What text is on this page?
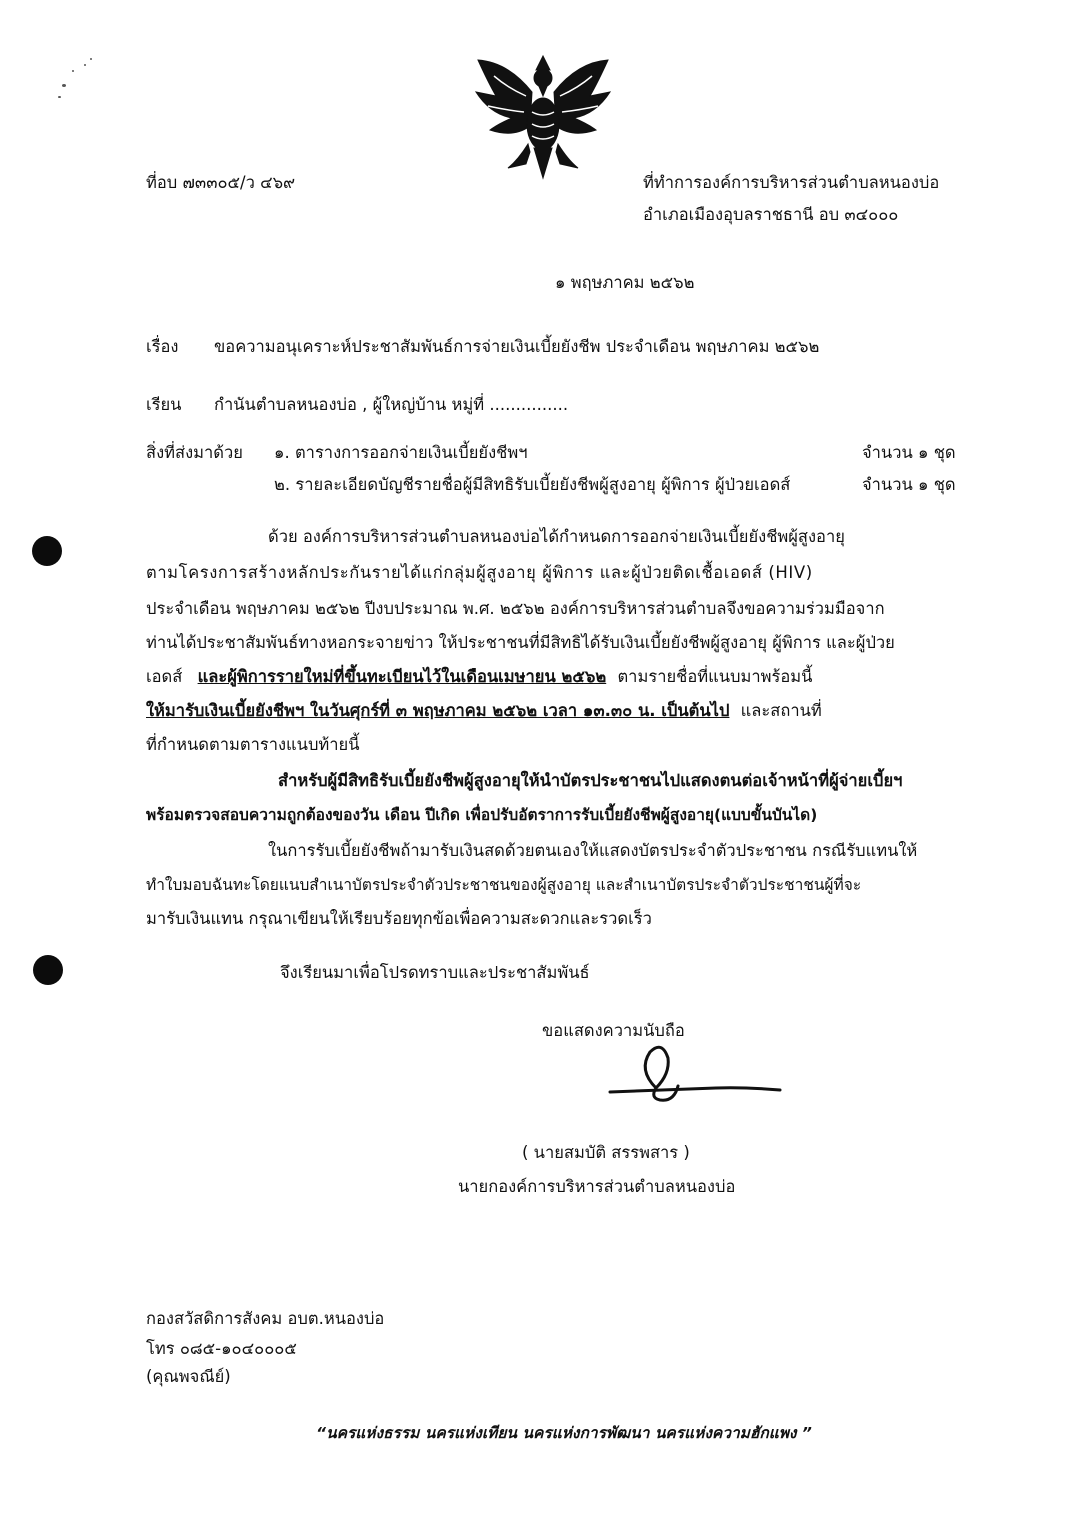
ที่อบ ๗๓๓๐๕/ว ๔๖๙	ที่ทำการองค์การบริหารส่วนตำบลหนองบ่อ
อำเภอเมืองอุบลราชธานี อบ ๓๔๐๐๐
๑ พฤษภาคม ๒๕๖๒
เรื่อง ขอความอนุเคราะห์ประชาสัมพันธ์การจ่ายเงินเบี้ยยังชีพ ประจำเดือน พฤษภาคม ๒๕๖๒
เรียน กำนันตำบลหนองบ่อ , ผู้ใหญ่บ้าน หมู่ที่ ...............
สิ่งที่ส่งมาด้วย ๑. ตารางการออกจ่ายเงินเบี้ยยังชีพฯ	จำนวน ๑ ชุด
๒. รายละเอียดบัญชีรายชื่อผู้มีสิทธิรับเบี้ยยังชีพผู้สูงอายุ ผู้พิการ ผู้ป่วยเอดส์	จำนวน ๑ ชุด
ด้วย องค์การบริหารส่วนตำบลหนองบ่อได้กำหนดการออกจ่ายเงินเบี้ยยังชีพผู้สูงอายุ
ตามโครงการสร้างหลักประกันรายได้แก่กลุ่มผู้สูงอายุ ผู้พิการ และผู้ป่วยติดเชื้อเอดส์ (HIV)
ประจำเดือน พฤษภาคม ๒๕๖๒ ปีงบประมาณ พ.ศ. ๒๕๖๒ องค์การบริหารส่วนตำบลจึงขอความร่วมมือจาก
ท่านได้ประชาสัมพันธ์ทางหอกระจายข่าว ให้ประชาชนที่มีสิทธิได้รับเงินเบี้ยยังชีพผู้สูงอายุ ผู้พิการ และผู้ป่วย
เอดส์ และผู้พิการรายใหม่ที่ขึ้นทะเบียนไว้ในเดือนเมษายน ๒๕๖๒ ตามรายชื่อที่แนบมาพร้อมนี้
ให้มารับเงินเบี้ยยังชีพฯ ในวันศุกร์ที่ ๓ พฤษภาคม ๒๕๖๒ เวลา ๑๓.๓๐ น. เป็นต้นไป และสถานที่
ที่กำหนดตามตารางแนบท้ายนี้
สำหรับผู้มีสิทธิรับเบี้ยยังชีพผู้สูงอายุให้นำบัตรประชาชนไปแสดงตนต่อเจ้าหน้าที่ผู้จ่ายเบี้ยฯ
พร้อมตรวจสอบความถูกต้องของวัน เดือน ปีเกิด เพื่อปรับอัตราการรับเบี้ยยังชีพผู้สูงอายุ(แบบขั้นบันได)
ในการรับเบี้ยยังชีพถ้ามารับเงินสดด้วยตนเองให้แสดงบัตรประจำตัวประชาชน กรณีรับแทนให้
ทำใบมอบฉันทะโดยแนบสำเนาบัตรประจำตัวประชาชนของผู้สูงอายุ และสำเนาบัตรประจำตัวประชาชนผู้ที่จะ
มารับเงินแทน กรุณาเขียนให้เรียบร้อยทุกข้อเพื่อความสะดวกและรวดเร็ว
จึงเรียนมาเพื่อโปรดทราบและประชาสัมพันธ์
ขอแสดงความนับถือ
( นายสมบัติ สรรพสาร )
นายกองค์การบริหารส่วนตำบลหนองบ่อ
กองสวัสดิการสังคม อบต.หนองบ่อ
โทร ๐๘๕-๑๐๔๐๐๐๕
(คุณพจณีย์)
“นครแห่งธรรม นครแห่งเทียน นครแห่งการพัฒนา นครแห่งความฮักแพง ”
